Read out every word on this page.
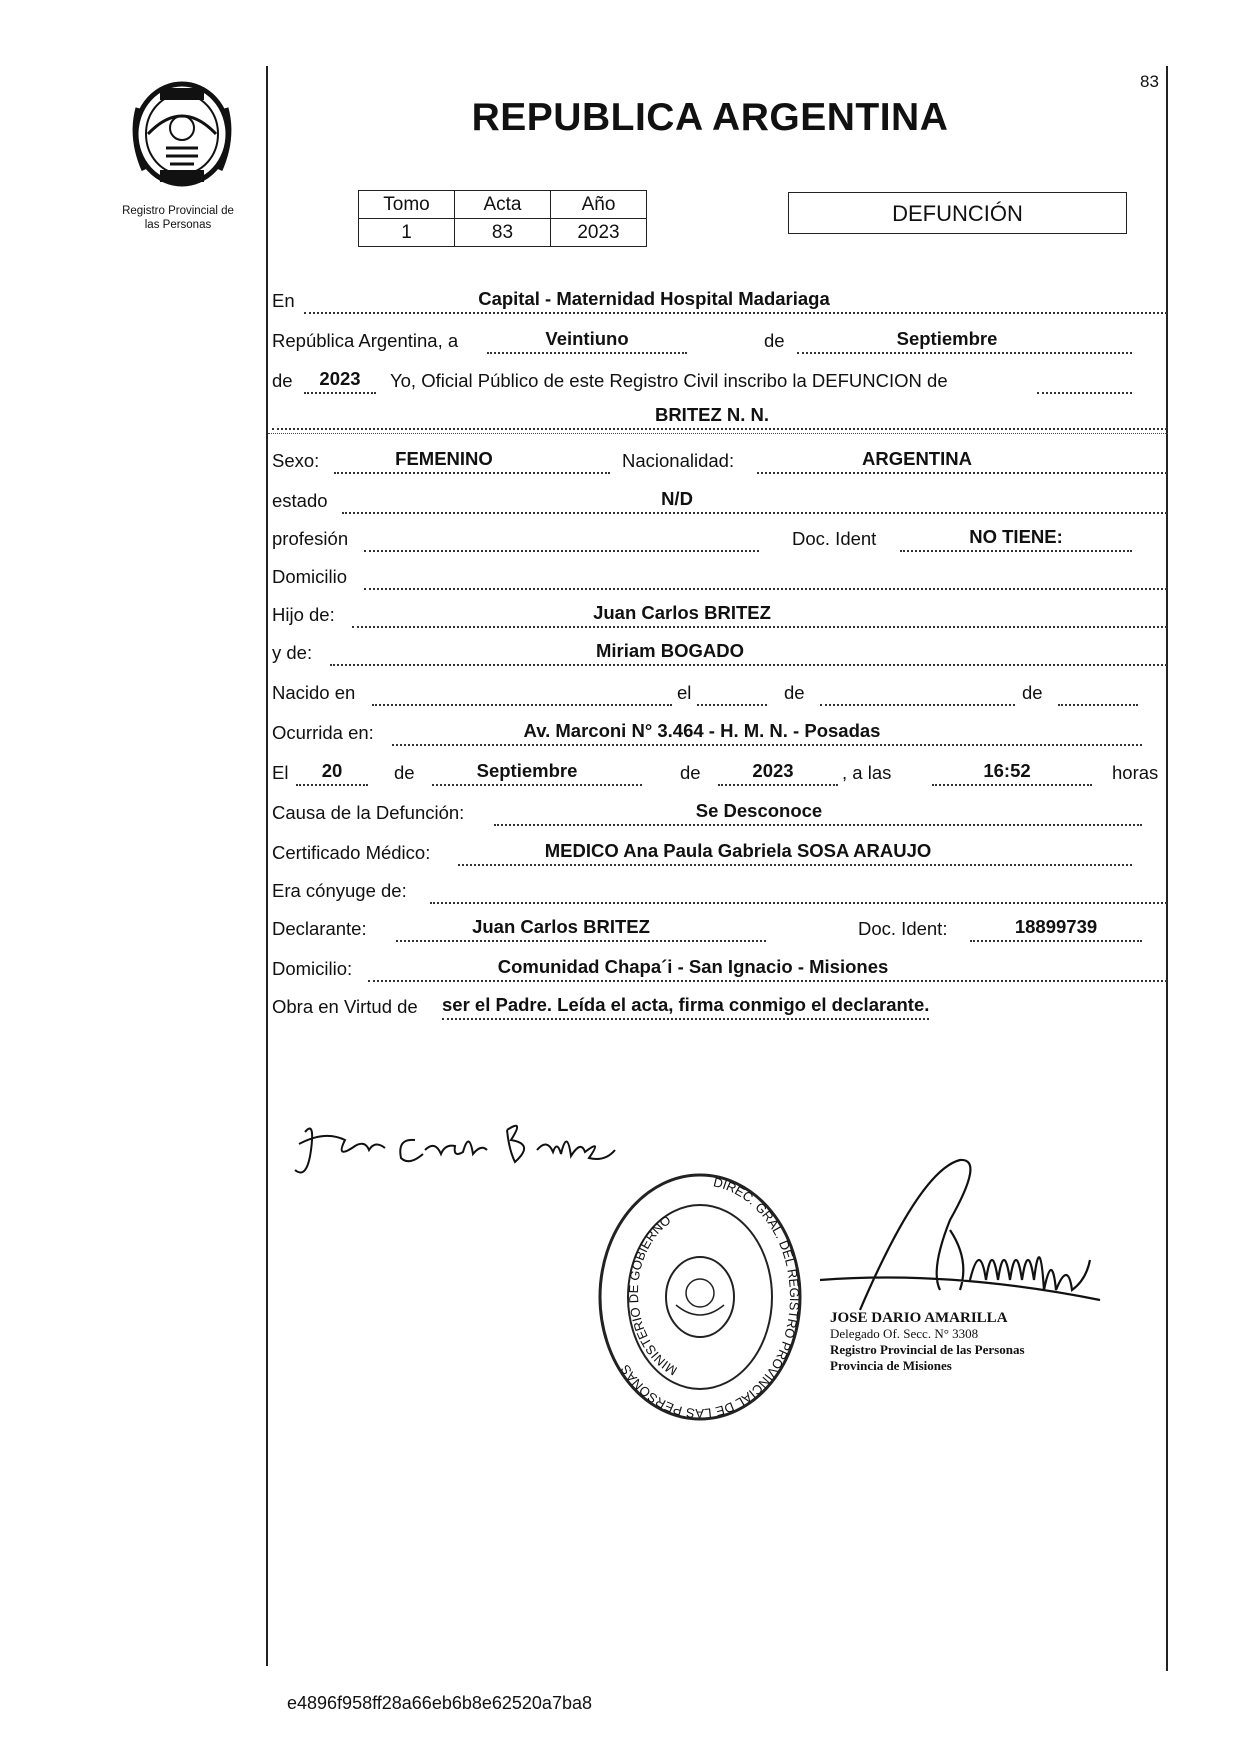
83
REPUBLICA ARGENTINA
Registro Provincial de
las Personas
Tomo	Acta	Año
1	83	2023
DEFUNCIÓN
En	Capital - Maternidad Hospital Madariaga
República Argentina, a	Veintiuno	de	Septiembre
de	2023	Yo, Oficial Público de este Registro Civil inscribo la DEFUNCION de
BRITEZ N. N.
Sexo:	FEMENINO	Nacionalidad:	ARGENTINA
estado	N/D
profesión	Doc. Ident	NO TIENE:
Domicilio
Hijo de:	Juan Carlos BRITEZ
y de:	Miriam BOGADO
Nacido en	el	de	de
Ocurrida en:	Av. Marconi N° 3.464 - H. M. N. - Posadas
El	20	de	Septiembre	de	2023	, a las	16:52	horas
Causa de la Defunción:	Se Desconoce
Certificado Médico:	MEDICO Ana Paula Gabriela SOSA ARAUJO
Era cónyuge de:
Declarante:	Juan Carlos BRITEZ	Doc. Ident:	18899739
Domicilio:	Comunidad Chapa´i - San Ignacio - Misiones
Obra en Virtud de ser el Padre. Leída el acta, firma conmigo el declarante.
DIREC. GRAL. DEL REGISTRO PROVINCIAL DE LAS PERSONAS	MINISTERIO DE GOBIERNO
JOSE DARIO AMARILLA
Delegado Of. Secc. N° 3308
Registro Provincial de las Personas
Provincia de Misiones
e4896f958ff28a66eb6b8e62520a7ba8
